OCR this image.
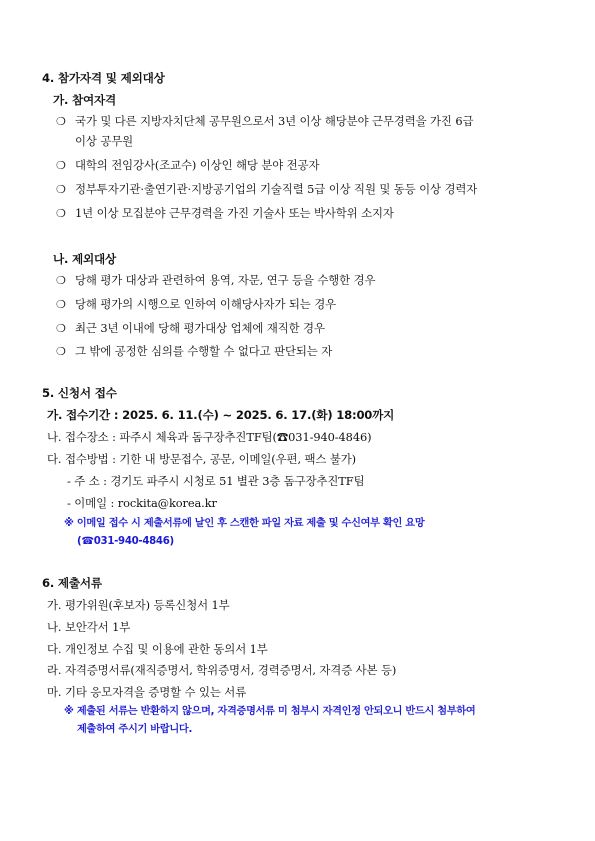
4. 참가자격 및 제외대상
가. 참여자격
❍ 국가 및 다른 지방자치단체 공무원으로서 3년 이상 해당분야 근무경력을 가진 6급
이상 공무원
❍ 대학의 전임강사(조교수) 이상인 해당 분야 전공자
❍ 정부투자기관·출연기관·지방공기업의 기술직렬 5급 이상 직원 및 동등 이상 경력자
❍ 1년 이상 모집분야 근무경력을 가진 기술사 또는 박사학위 소지자
나. 제외대상
❍ 당해 평가 대상과 관련하여 용역, 자문, 연구 등을 수행한 경우
❍ 당해 평가의 시행으로 인하여 이해당사자가 되는 경우
❍ 최근 3년 이내에 당해 평가대상 업체에 재직한 경우
❍ 그 밖에 공정한 심의를 수행할 수 없다고 판단되는 자
5. 신청서 접수
가. 접수기간 : 2025. 6. 11.(수) ~ 2025. 6. 17.(화) 18:00까지
나. 접수장소 : 파주시 체육과 돔구장추진TF팀(☎031-940-4846)
다. 접수방법 : 기한 내 방문접수, 공문, 이메일(우편, 팩스 불가)
- 주 소 : 경기도 파주시 시청로 51 별관 3층 돔구장추진TF팀
- 이메일 : rockita@korea.kr
※ 이메일 접수 시 제출서류에 날인 후 스캔한 파일 자료 제출 및 수신여부 확인 요망
(☎031-940-4846)
6. 제출서류
가. 평가위원(후보자) 등록신청서 1부
나. 보안각서 1부
다. 개인정보 수집 및 이용에 관한 동의서 1부
라. 자격증명서류(재직증명서, 학위증명서, 경력증명서, 자격증 사본 등)
마. 기타 응모자격을 증명할 수 있는 서류
※ 제출된 서류는 반환하지 않으며, 자격증명서류 미 첨부시 자격인정 안되오니 반드시 첨부하여
제출하여 주시기 바랍니다.
